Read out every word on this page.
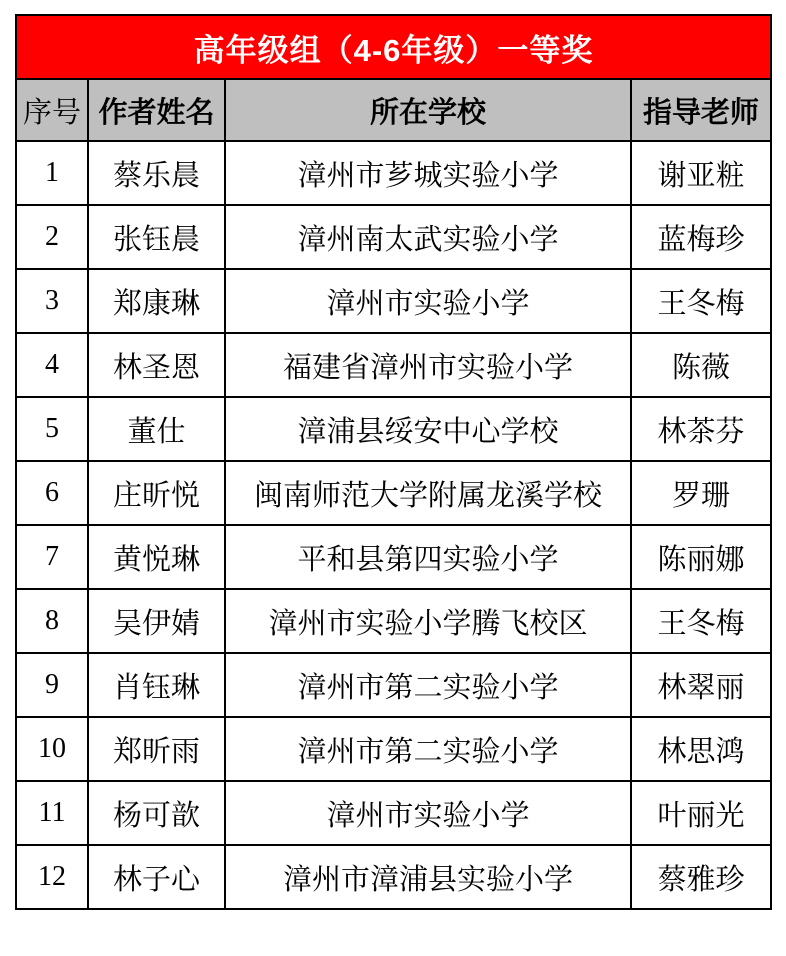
高年级组（4-6年级）一等奖			
序号	作者姓名	所在学校	指导老师
1	蔡乐晨	漳州市芗城实验小学	谢亚粧
2	张钰晨	漳州南太武实验小学	蓝梅珍
3	郑康琳	漳州市实验小学	王冬梅
4	林圣恩	福建省漳州市实验小学	陈薇
5	董仕	漳浦县绥安中心学校	林茶芬
6	庄昕悦	闽南师范大学附属龙溪学校	罗珊
7	黄悦琳	平和县第四实验小学	陈丽娜
8	吴伊婧	漳州市实验小学腾飞校区	王冬梅
9	肖钰琳	漳州市第二实验小学	林翠丽
10	郑昕雨	漳州市第二实验小学	林思鸿
11	杨可歆	漳州市实验小学	叶丽光
12	林子心	漳州市漳浦县实验小学	蔡雅珍
